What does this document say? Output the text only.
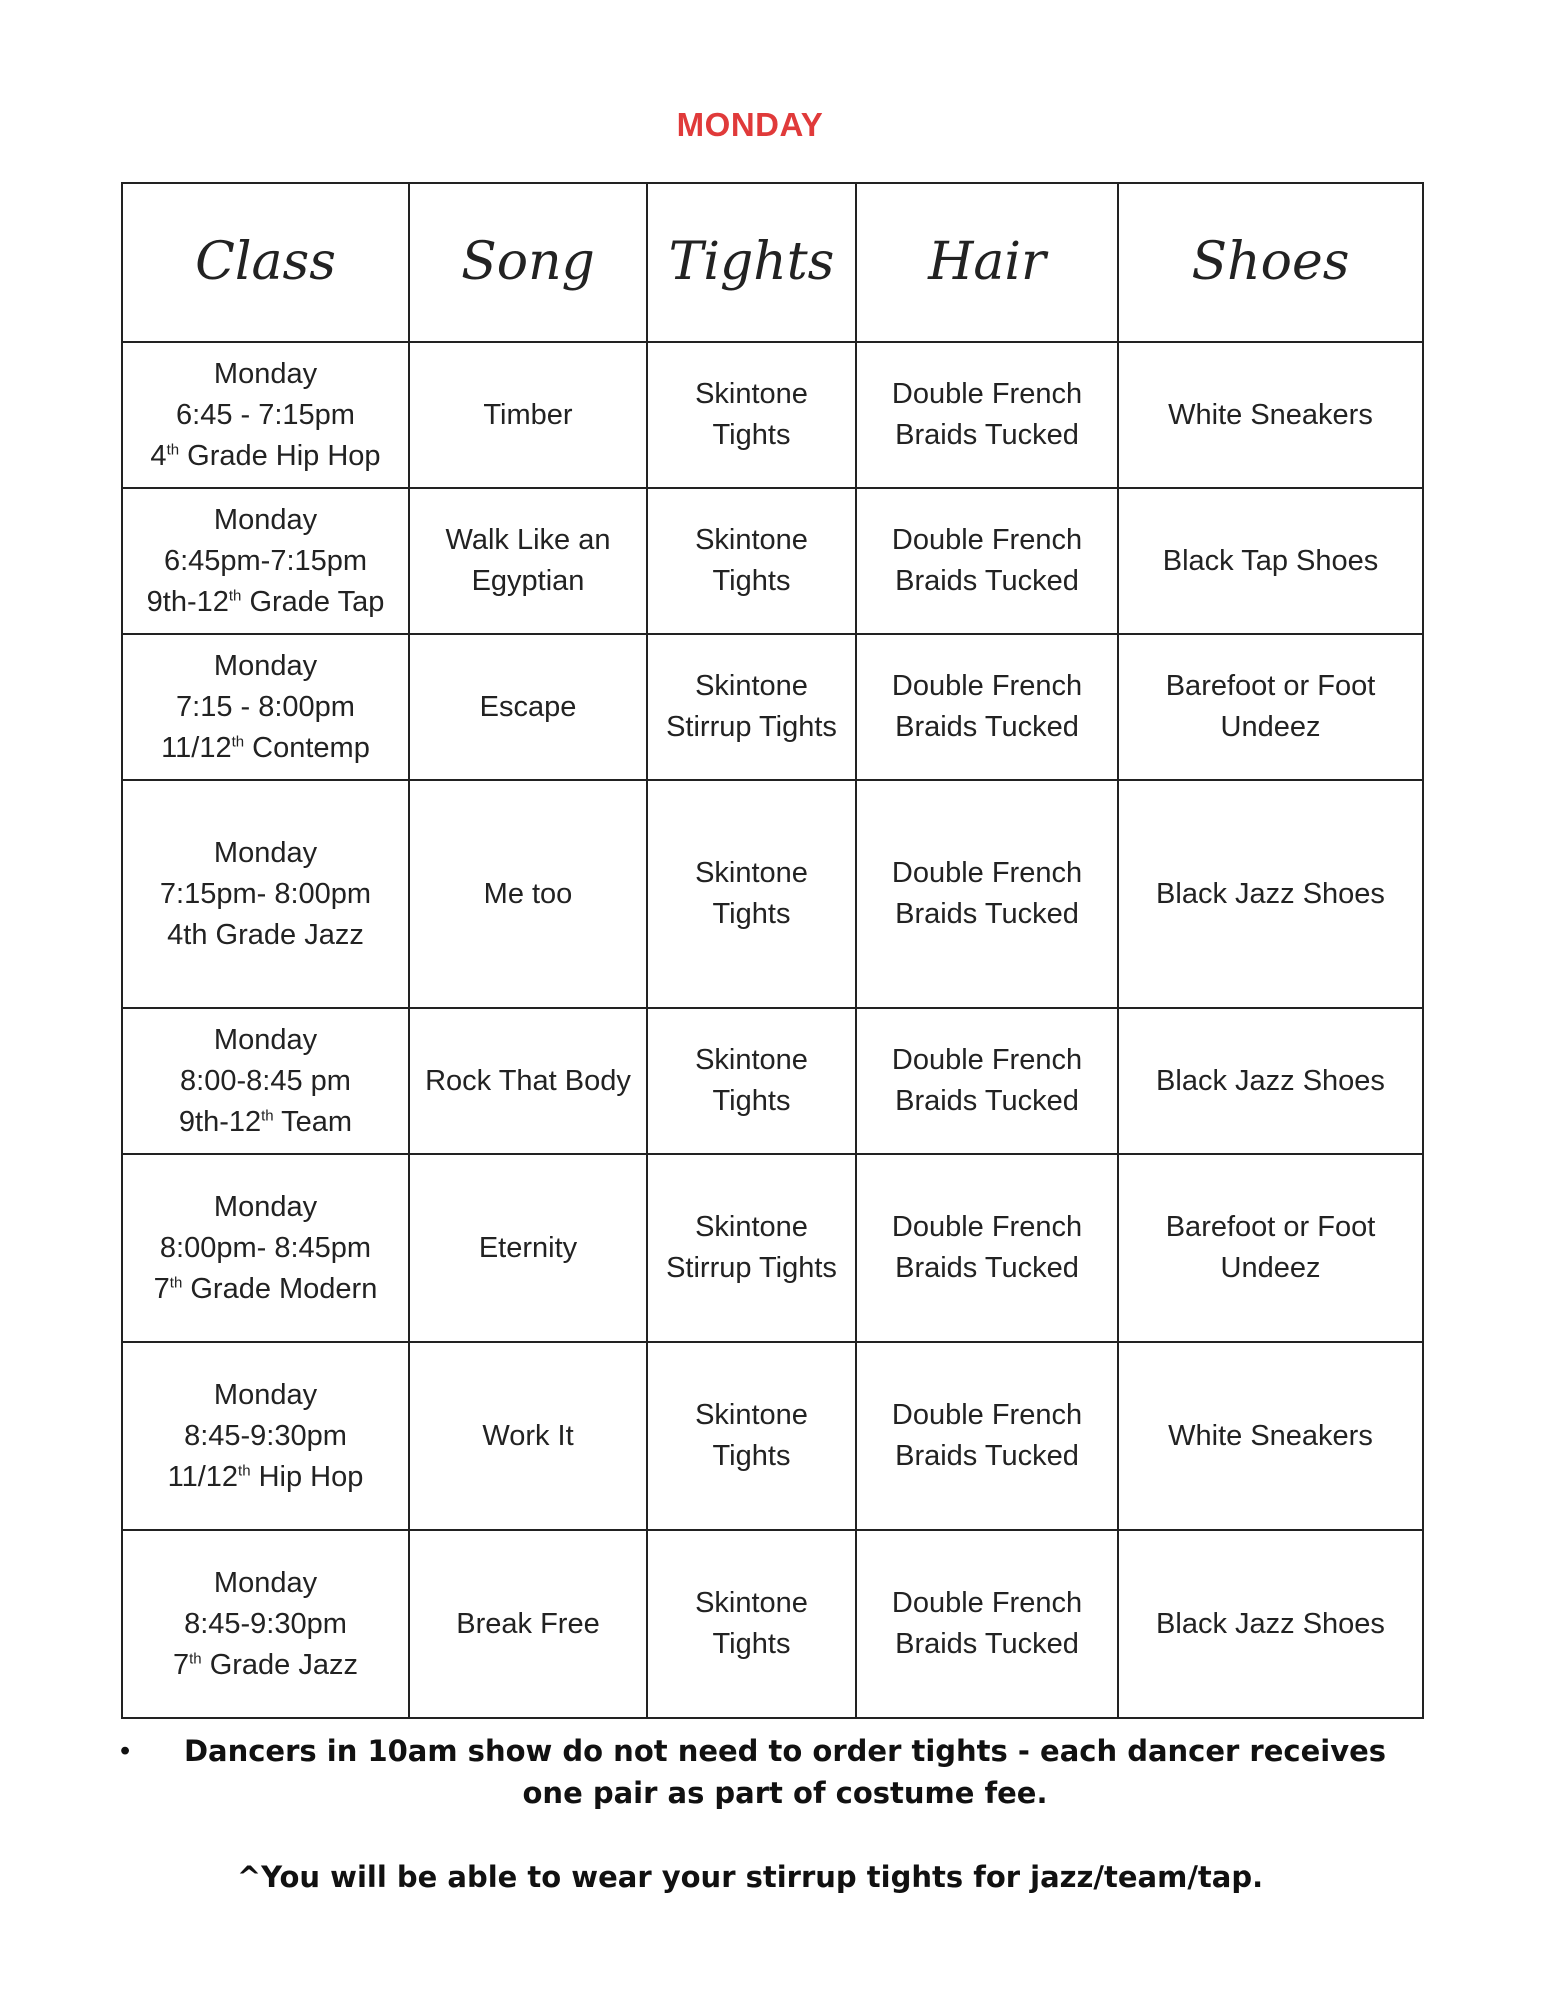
MONDAY
Class	Song	Tights	Hair	Shoes

Monday
6:45 - 7:15pm
4th Grade Hip Hop	Timber	Skintone
Tights	Double French
Braids Tucked	White Sneakers

Monday
6:45pm-7:15pm
9th-12th Grade Tap	Walk Like an
Egyptian	Skintone
Tights	Double French
Braids Tucked	Black Tap Shoes

Monday
7:15 - 8:00pm
11/12th Contemp	Escape	Skintone
Stirrup Tights	Double French
Braids Tucked	Barefoot or Foot
Undeez

Monday
7:15pm- 8:00pm
4th Grade Jazz	Me too	Skintone
Tights	Double French
Braids Tucked	Black Jazz Shoes

Monday
8:00-8:45 pm
9th-12th Team	Rock That Body	Skintone
Tights	Double French
Braids Tucked	Black Jazz Shoes

Monday
8:00pm- 8:45pm
7th Grade Modern	Eternity	Skintone
Stirrup Tights	Double French
Braids Tucked	Barefoot or Foot
Undeez

Monday
8:45-9:30pm
11/12th Hip Hop	Work It	Skintone
Tights	Double French
Braids Tucked	White Sneakers

Monday
8:45-9:30pm
7th Grade Jazz	Break Free	Skintone
Tights	Double French
Braids Tucked	Black Jazz Shoes
•	Dancers in 10am show do not need to order tights - each dancer receives
one pair as part of costume fee.
^You will be able to wear your stirrup tights for jazz/team/tap.
